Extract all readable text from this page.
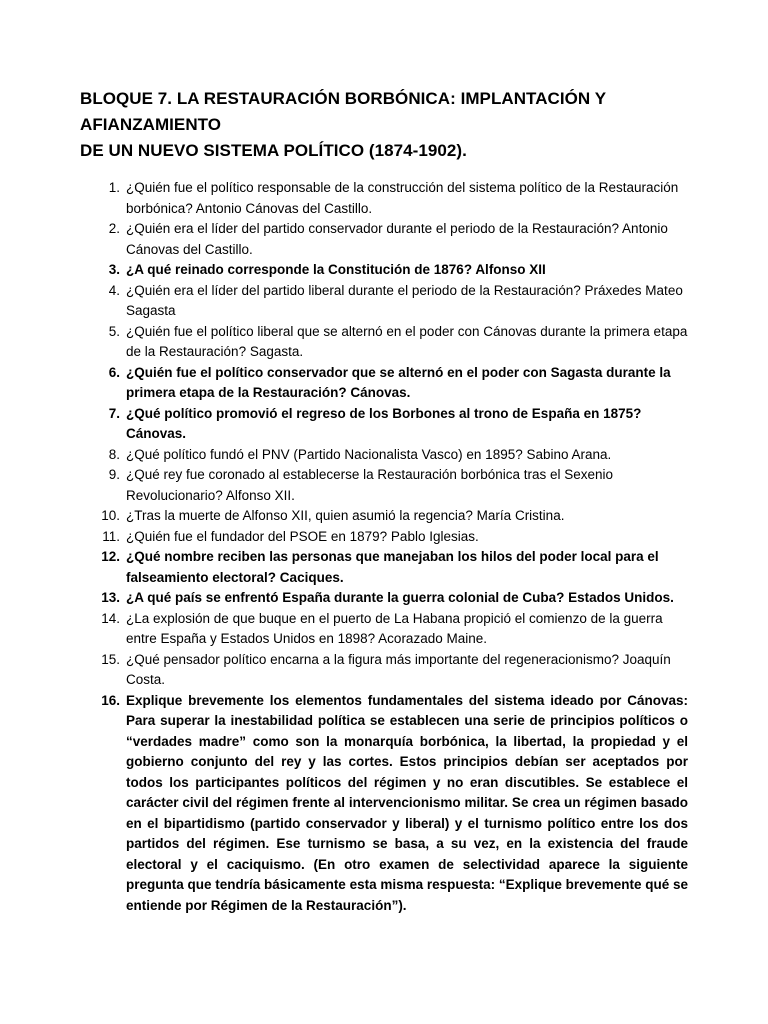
BLOQUE 7. LA RESTAURACIÓN BORBÓNICA: IMPLANTACIÓN Y AFIANZAMIENTO
DE UN NUEVO SISTEMA POLÍTICO (1874-1902).
1. ¿Quién fue el político responsable de la construcción del sistema político de la Restauración borbónica? Antonio Cánovas del Castillo.
2. ¿Quién era el líder del partido conservador durante el periodo de la Restauración? Antonio Cánovas del Castillo.
3. ¿A qué reinado corresponde la Constitución de 1876? Alfonso XII
4. ¿Quién era el líder del partido liberal durante el periodo de la Restauración? Práxedes Mateo Sagasta
5. ¿Quién fue el político liberal que se alternó en el poder con Cánovas durante la primera etapa de la Restauración? Sagasta.
6. ¿Quién fue el político conservador que se alternó en el poder con Sagasta durante la primera etapa de la Restauración? Cánovas.
7. ¿Qué político promovió el regreso de los Borbones al trono de España en 1875? Cánovas.
8. ¿Qué político fundó el PNV (Partido Nacionalista Vasco) en 1895? Sabino Arana.
9. ¿Qué rey fue coronado al establecerse la Restauración borbónica tras el Sexenio Revolucionario? Alfonso XII.
10. ¿Tras la muerte de Alfonso XII, quien asumió la regencia? María Cristina.
11. ¿Quién fue el fundador del PSOE en 1879? Pablo Iglesias.
12. ¿Qué nombre reciben las personas que manejaban los hilos del poder local para el falseamiento electoral? Caciques.
13. ¿A qué país se enfrentó España durante la guerra colonial de Cuba? Estados Unidos.
14. ¿La explosión de que buque en el puerto de La Habana propició el comienzo de la guerra entre España y Estados Unidos en 1898? Acorazado Maine.
15. ¿Qué pensador político encarna a la figura más importante del regeneracionismo? Joaquín Costa.
16. Explique brevemente los elementos fundamentales del sistema ideado por Cánovas: Para superar la inestabilidad política se establecen una serie de principios políticos o “verdades madre” como son la monarquía borbónica, la libertad, la propiedad y el gobierno conjunto del rey y las cortes. Estos principios debían ser aceptados por todos los participantes políticos del régimen y no eran discutibles. Se establece el carácter civil del régimen frente al intervencionismo militar. Se crea un régimen basado en el bipartidismo (partido conservador y liberal) y el turnismo político entre los dos partidos del régimen. Ese turnismo se basa, a su vez, en la existencia del fraude electoral y el caciquismo. (En otro examen de selectividad aparece la siguiente pregunta que tendría básicamente esta misma respuesta: “Explique brevemente qué se entiende por Régimen de la Restauración”).
